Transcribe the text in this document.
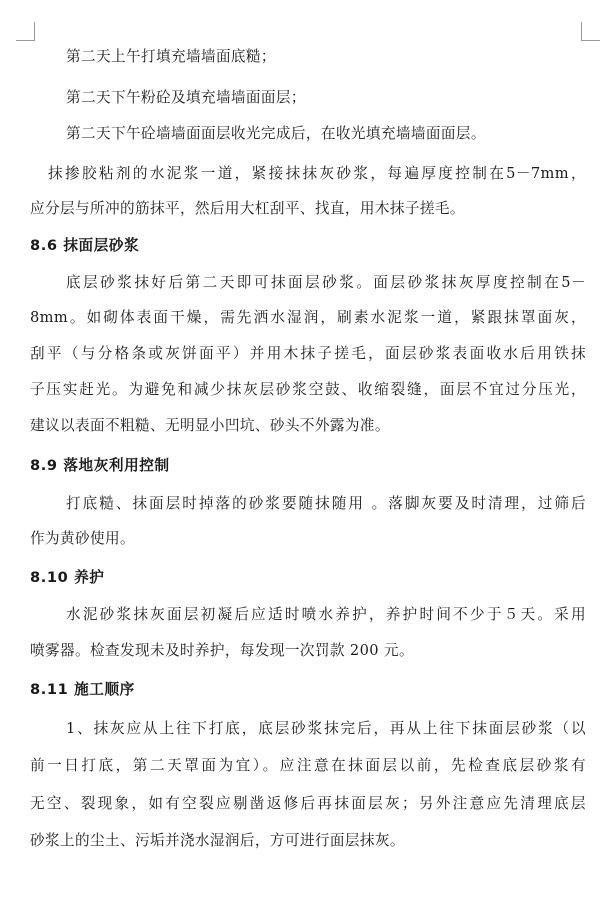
第二天上午打填充墙墙面底糙；
第二天下午粉砼及填充墙墙面面层；
第二天下午砼墙墙面面层收光完成后，在收光填充墙墙面面层。
抹掺胶粘剂的水泥浆一道，紧接抹抹灰砂浆，每遍厚度控制在5－7mm，
应分层与所冲的筋抹平，然后用大杠刮平、找直，用木抹子搓毛。
8.6 抹面层砂浆
底层砂浆抹好后第二天即可抹面层砂浆。面层砂浆抹灰厚度控制在5－
8mm。如砌体表面干燥，需先洒水湿润，刷素水泥浆一道，紧跟抹罩面灰，
刮平（与分格条或灰饼面平）并用木抹子搓毛，面层砂浆表面收水后用铁抹
子压实赶光。为避免和减少抹灰层砂浆空鼓、收缩裂缝，面层不宜过分压光，
建议以表面不粗糙、无明显小凹坑、砂头不外露为准。
8.9 落地灰利用控制
打底糙、抹面层时掉落的砂浆要随抹随用 。落脚灰要及时清理，过筛后
作为黄砂使用。
8.10 养护
水泥砂浆抹灰面层初凝后应适时喷水养护，养护时间不少于５天。采用
喷雾器。检查发现未及时养护，每发现一次罚款 200 元。
8.11 施工顺序
1、抹灰应从上往下打底，底层砂浆抹完后，再从上往下抹面层砂浆（以
前一日打底，第二天罩面为宜）。应注意在抹面层以前，先检查底层砂浆有
无空、裂现象，如有空裂应剔凿返修后再抹面层灰；另外注意应先清理底层
砂浆上的尘土、污垢并浇水湿润后，方可进行面层抹灰。
